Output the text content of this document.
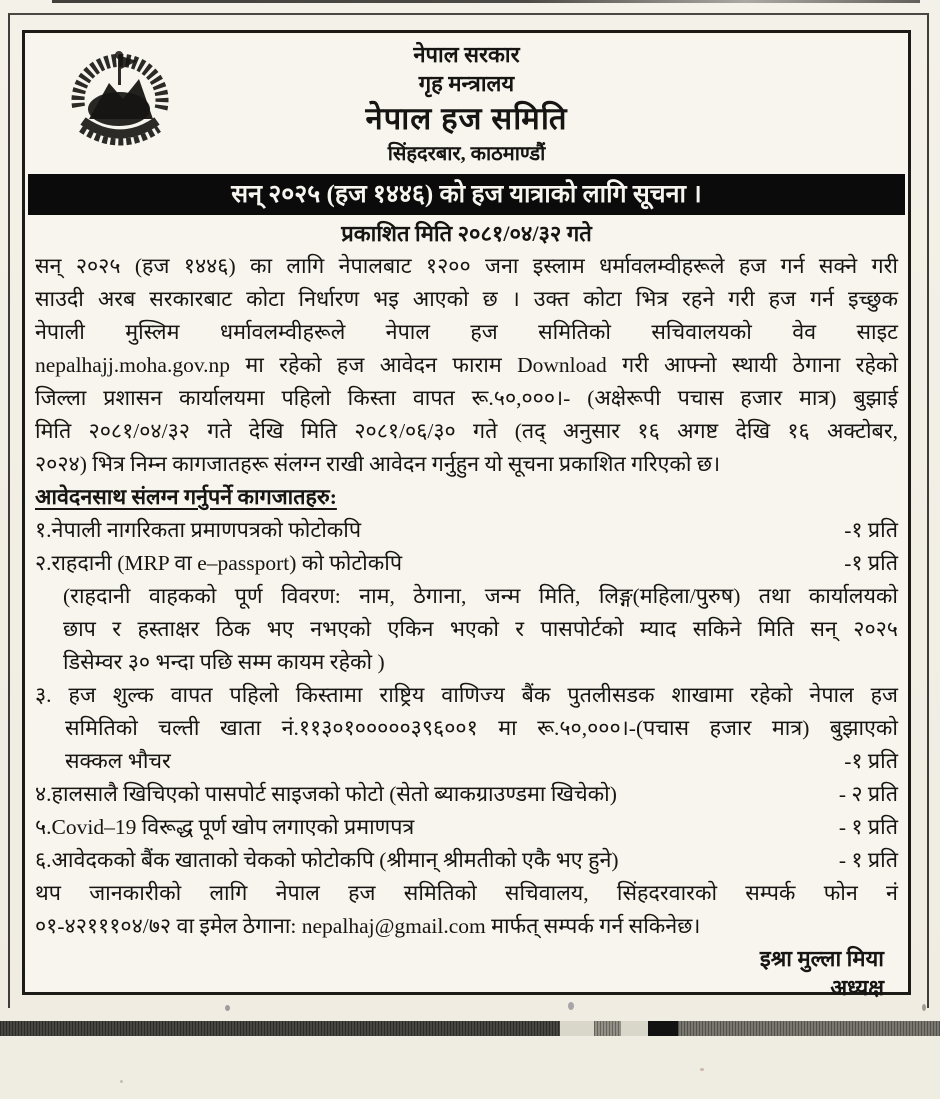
नेपाल सरकार
गृह मन्त्रालय
नेपाल हज समिति
सिंहदरबार, काठमाण्डौं
सन् २०२५ (हज १४४६) को हज यात्राको लागि सूचना ।
प्रकाशित मिति २०८१/०४/३२ गते
सन् २०२५ (हज १४४६) का लागि नेपालबाट १२०० जना इस्लाम धर्मावलम्वीहरूले हज गर्न सक्ने गरी
साउदी अरब सरकारबाट कोटा निर्धारण भइ आएको छ । उक्त कोटा भित्र रहने गरी हज गर्न इच्छुक
नेपाली मुस्लिम धर्मावलम्वीहरूले नेपाल हज समितिको सचिवालयको वेव साइट
nepalhajj.moha.gov.np मा रहेको हज आवेदन फाराम Download गरी आफ्नो स्थायी ठेगाना रहेको
जिल्ला प्रशासन कार्यालयमा पहिलो किस्ता वापत रू.५०,०००।- (अक्षेरूपी पचास हजार मात्र) बुझाई
मिति २०८१/०४/३२ गते देखि मिति २०८१/०६/३० गते (तद् अनुसार १६ अगष्ट देखि १६ अक्टोबर,
२०२४) भित्र निम्न कागजातहरू संलग्न राखी आवेदन गर्नुहुन यो सूचना प्रकाशित गरिएको छ।
आवेदनसाथ संलग्न गर्नुपर्ने कागजातहरु:
१.नेपाली नागरिकता प्रमाणपत्रको फोटोकपि	-१ प्रति
२.राहदानी (MRP वा e–passport) को फोटोकपि	-१ प्रति
(राहदानी वाहकको पूर्ण विवरण: नाम, ठेगाना, जन्म मिति, लिङ्ग(महिला/पुरुष) तथा कार्यालयको
छाप र हस्ताक्षर ठिक भए नभएको एकिन भएको र पासपोर्टको म्याद सकिने मिति सन् २०२५
डिसेम्वर ३० भन्दा पछि सम्म कायम रहेको )
३. हज शुल्क वापत पहिलो किस्तामा राष्ट्रिय वाणिज्य बैंक पुतलीसडक शाखामा रहेको नेपाल हज
समितिको चल्ती खाता नं.११३०१०००००३९६००१ मा रू.५०,०००।-(पचास हजार मात्र) बुझाएको
सक्कल भौचर	-१ प्रति
४.हालसालै खिचिएको पासपोर्ट साइजको फोटो (सेतो ब्याकग्राउण्डमा खिचेको)	- २ प्रति
५.Covid–19 विरूद्ध पूर्ण खोप लगाएको प्रमाणपत्र	- १ प्रति
६.आवेदकको बैंक खाताको चेकको फोटोकपि (श्रीमान् श्रीमतीको एकै भए हुने)	- १ प्रति
थप जानकारीको लागि नेपाल हज समितिको सचिवालय, सिंहदरवारको सम्पर्क फोन नं
०१-४२१११०४/७२ वा इमेल ठेगाना: nepalhaj@gmail.com मार्फत् सम्पर्क गर्न सकिनेछ।
इश्रा मुल्ला मिया
अध्यक्ष
